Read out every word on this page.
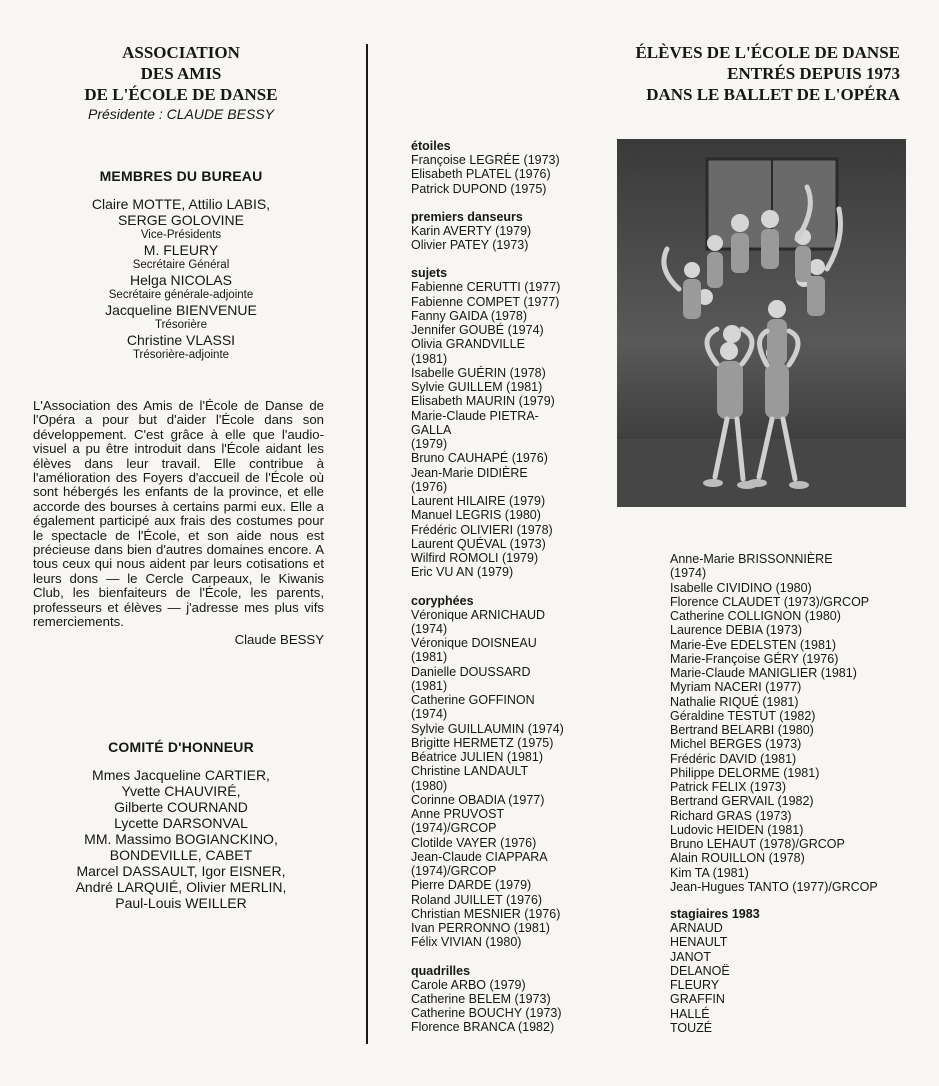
ASSOCIATION
DES AMIS
DE L'ÉCOLE DE DANSE
Présidente : CLAUDE BESSY
MEMBRES DU BUREAU
Claire MOTTE, Attilio LABIS,
SERGE GOLOVINE
Vice-Présidents
M. FLEURY
Secrétaire Général
Helga NICOLAS
Secrétaire générale-adjointe
Jacqueline BIENVENUE
Trésorière
Christine VLASSI
Trésorière-adjointe
L'Association des Amis de l'École de Danse de l'Opéra a pour but d'aider l'École dans son développement. C'est grâce à elle que l'audio-visuel a pu être introduit dans l'École aidant les élèves dans leur travail. Elle contribue à l'amélioration des Foyers d'accueil de l'École où sont hébergés les enfants de la province, et elle accorde des bourses à certains parmi eux. Elle a également participé aux frais des costumes pour le spectacle de l'École, et son aide nous est précieuse dans bien d'autres domaines encore. A tous ceux qui nous aident par leurs cotisations et leurs dons — le Cercle Carpeaux, le Kiwanis Club, les bienfaiteurs de l'École, les parents, professeurs et élèves — j'adresse mes plus vifs remerciements.
Claude BESSY
COMITÉ D'HONNEUR
Mmes Jacqueline CARTIER,
Yvette CHAUVIRÉ,
Gilberte COURNAND
Lycette DARSONVAL
MM. Massimo BOGIANCKINO,
BONDEVILLE, CABET
Marcel DASSAULT, Igor EISNER,
André LARQUIÉ, Olivier MERLIN,
Paul-Louis WEILLER
étoiles
Françoise LEGRÉE (1973)
Elisabeth PLATEL (1976)
Patrick DUPOND (1975)
premiers danseurs
Karin AVERTY (1979)
Olivier PATEY (1973)
sujets
Fabienne CERUTTI (1977)
Fabienne COMPET (1977)
Fanny GAIDA (1978)
Jennifer GOUBÉ (1974)
Olivia GRANDVILLE
(1981)
Isabelle GUÉRIN (1978)
Sylvie GUILLEM (1981)
Elisabeth MAURIN (1979)
Marie-Claude PIETRA-
GALLA
(1979)
Bruno CAUHAPÉ (1976)
Jean-Marie DIDIÈRE
(1976)
Laurent HILAIRE (1979)
Manuel LEGRIS (1980)
Frédéric OLIVIERI (1978)
Laurent QUÉVAL (1973)
Wilfird ROMOLI (1979)
Eric VU AN (1979)
coryphées
Véronique ARNICHAUD
(1974)
Véronique DOISNEAU
(1981)
Danielle DOUSSARD
(1981)
Catherine GOFFINON
(1974)
Sylvie GUILLAUMIN (1974)
Brigitte HERMETZ (1975)
Béatrice JULIEN (1981)
Christine LANDAULT
(1980)
Corinne OBADIA (1977)
Anne PRUVOST
(1974)/GRCOP
Clotilde VAYER (1976)
Jean-Claude CIAPPARA
(1974)/GRCOP
Pierre DARDE (1979)
Roland JUILLET (1976)
Christian MESNIER (1976)
Ivan PERRONNO (1981)
Félix VIVIAN (1980)
quadrilles
Carole ARBO (1979)
Catherine BELEM (1973)
Catherine BOUCHY (1973)
Florence BRANCA (1982)
ÉLÈVES DE L'ÉCOLE DE DANSE
ENTRÉS DEPUIS 1973
DANS LE BALLET DE L'OPÉRA
Anne-Marie BRISSONNIÈRE
(1974)
Isabelle CIVIDINO (1980)
Florence CLAUDET (1973)/GRCOP
Catherine COLLIGNON (1980)
Laurence DEBIA (1973)
Marie-Ève EDELSTEN (1981)
Marie-Françoise GÉRY (1976)
Marie-Claude MANIGLIER (1981)
Myriam NACERI (1977)
Nathalie RIQUÉ (1981)
Géraldine TESTUT (1982)
Bertrand BELARBI (1980)
Michel BERGES (1973)
Frédéric DAVID (1981)
Philippe DELORME (1981)
Patrick FELIX (1973)
Bertrand GERVAIL (1982)
Richard GRAS (1973)
Ludovic HEIDEN (1981)
Bruno LEHAUT (1978)/GRCOP
Alain ROUILLON (1978)
Kim TA (1981)
Jean-Hugues TANTO (1977)/GRCOP
stagiaires 1983
ARNAUD
HENAULT
JANOT
DELANOË
FLEURY
GRAFFIN
HALLÉ
TOUZÉ
